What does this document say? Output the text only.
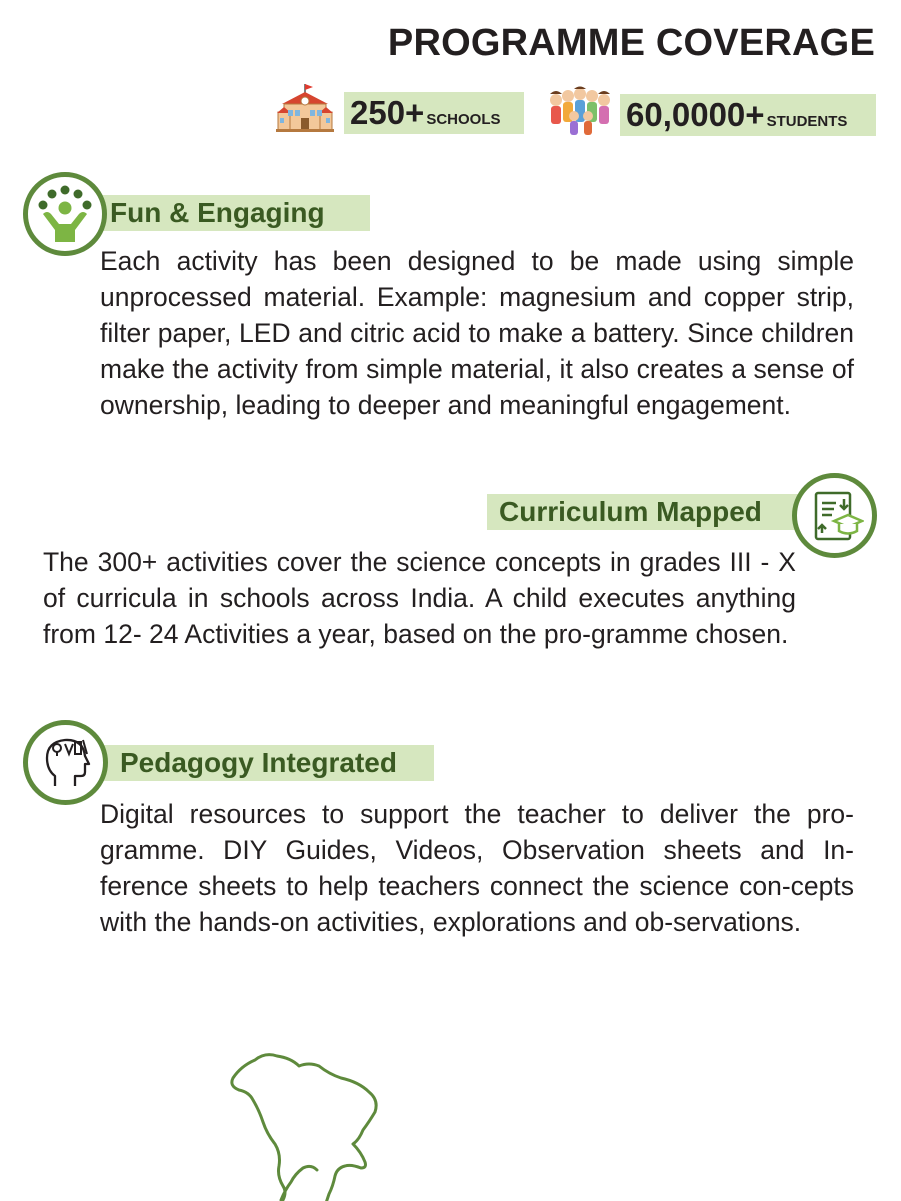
PROGRAMME COVERAGE
250+ SCHOOLS	60,0000+ STUDENTS
Fun & Engaging

Each activity has been designed to be made using simple unprocessed material. Example: magnesium and copper strip, filter paper, LED and citric acid to make a battery. Since children make the activity from simple material, it also creates a sense of ownership, leading to deeper and meaningful engagement.

Curriculum Mapped

The 300+ activities cover the science concepts in grades III - X of curricula in schools across India. A child executes anything from 12- 24 Activities a year, based on the pro-gramme chosen.

Pedagogy Integrated

Digital resources to support the teacher to deliver the pro-gramme. DIY Guides, Videos, Observation sheets and In-ference sheets to help teachers connect the science con-cepts with the hands-on activities, explorations and ob-servations.
